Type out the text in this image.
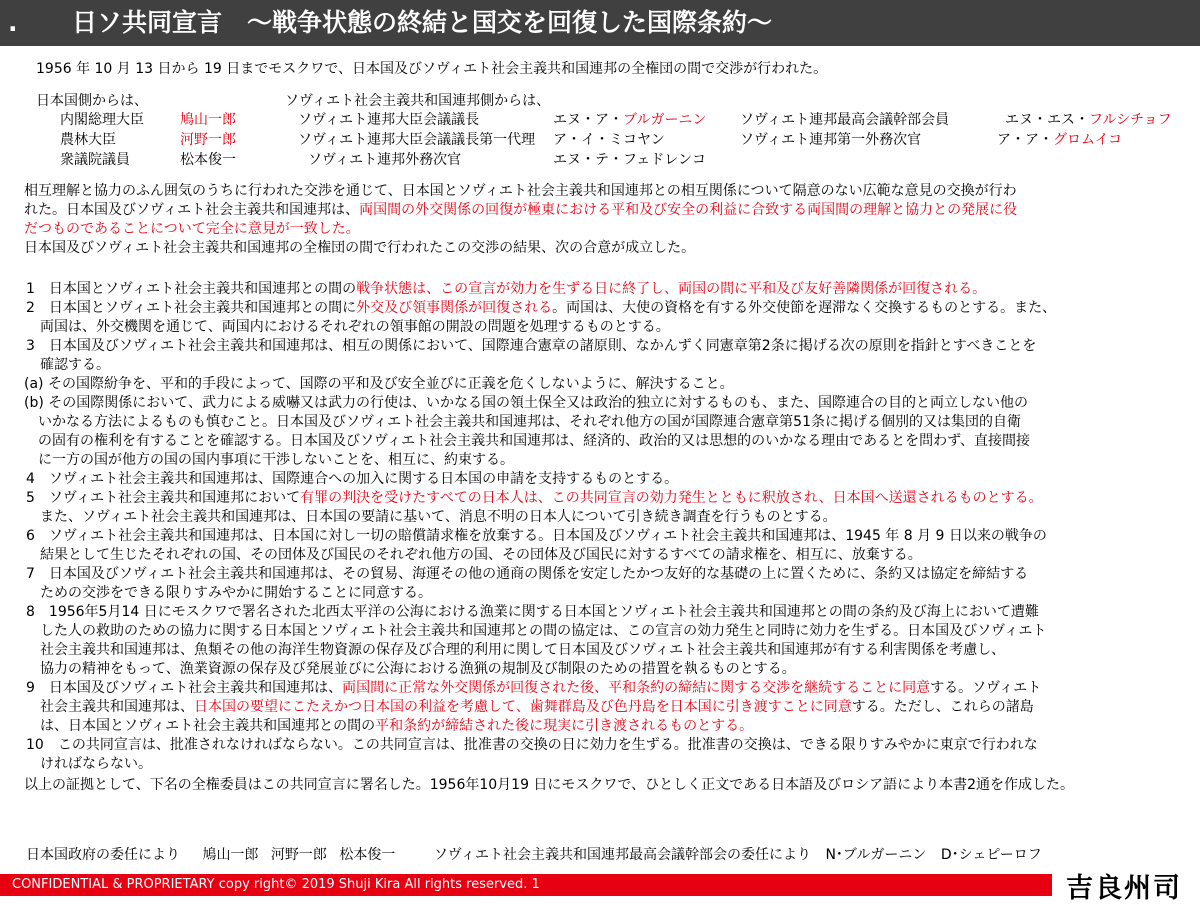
. 日ソ共同宣言　～戦争状態の終結と国交を回復した国際条約～
1956 年 10 月 13 日から 19 日までモスクワで、日本国及びソヴィエト社会主義共和国連邦の全権団の間で交渉が行われた。
日本国側からは、
内閣総理大臣	鳩山一郎
農林大臣	河野一郎
衆議院議員	松本俊一
ソヴィエト社会主義共和国連邦側からは、
ソヴィエト連邦大臣会議議長	エヌ・ア・ブルガーニン
ソヴィエト連邦大臣会議議長第一代理 ア・イ・ミコヤン
ソヴィエト連邦外務次官	エヌ・テ・フェドレンコ
ソヴィエト連邦最高会議幹部会員	エヌ・エス・フルシチョフ
ソヴィエト連邦第一外務次官	ア・ア・グロムイコ
相互理解と協力のふん囲気のうちに行われた交渉を通じて、日本国とソヴィエト社会主義共和国連邦との相互関係について隔意のない広範な意見の交換が行わ
れた。日本国及びソヴィエト社会主義共和国連邦は、両国間の外交関係の回復が極東における平和及び安全の利益に合致する両国間の理解と協力との発展に役
だつものであることについて完全に意見が一致した。
日本国及びソヴィエト社会主義共和国連邦の全権団の間で行われたこの交渉の結果、次の合意が成立した。
1　日本国とソヴィエト社会主義共和国連邦との間の戦争状態は、この宣言が効力を生ずる日に終了し、両国の間に平和及び友好善隣関係が回復される。
2　日本国とソヴィエト社会主義共和国連邦との間に外交及び領事関係が回復される。両国は、大使の資格を有する外交使節を遅滞なく交換するものとする。また、
　両国は、外交機関を通じて、両国内におけるそれぞれの領事館の開設の問題を処理するものとする。
3　日本国及びソヴィエト社会主義共和国連邦は、相互の関係において、国際連合憲章の諸原則、なかんずく同憲章第2条に掲げる次の原則を指針とすべきことを
　確認する。
(a) その国際紛争を、平和的手段によって、国際の平和及び安全並びに正義を危くしないように、解決すること。
(b) その国際関係において、武力による威嚇又は武力の行使は、いかなる国の領土保全又は政治的独立に対するものも、また、国際連合の目的と両立しない他の
　いかなる方法によるものも慎むこと。日本国及びソヴィエト社会主義共和国連邦は、それぞれ他方の国が国際連合憲章第51条に掲げる個別的又は集団的自衛
　の固有の権利を有することを確認する。日本国及びソヴィエト社会主義共和国連邦は、経済的、政治的又は思想的のいかなる理由であるとを問わず、直接間接
　に一方の国が他方の国の国内事項に干渉しないことを、相互に、約束する。
4　ソヴィエト社会主義共和国連邦は、国際連合への加入に関する日本国の申請を支持するものとする。
5　ソヴィエト社会主義共和国連邦において有罪の判決を受けたすべての日本人は、この共同宣言の効力発生とともに釈放され、日本国へ送還されるものとする。
　また、ソヴィエト社会主義共和国連邦は、日本国の要請に基いて、消息不明の日本人について引き続き調査を行うものとする。
6　ソヴィエト社会主義共和国連邦は、日本国に対し一切の賠償請求権を放棄する。日本国及びソヴィエト社会主義共和国連邦は、1945 年 8 月 9 日以来の戦争の
　結果として生じたそれぞれの国、その団体及び国民のそれぞれ他方の国、その団体及び国民に対するすべての請求権を、相互に、放棄する。
7　日本国及びソヴィエト社会主義共和国連邦は、その貿易、海運その他の通商の関係を安定したかつ友好的な基礎の上に置くために、条約又は協定を締結する
　ための交渉をできる限りすみやかに開始することに同意する。
8　1956年5月14 日にモスクワで署名された北西太平洋の公海における漁業に関する日本国とソヴィエト社会主義共和国連邦との間の条約及び海上において遭難
　した人の救助のための協力に関する日本国とソヴィエト社会主義共和国連邦との間の協定は、この宣言の効力発生と同時に効力を生ずる。日本国及びソヴィエト
　社会主義共和国連邦は、魚類その他の海洋生物資源の保存及び合理的利用に関して日本国及びソヴィエト社会主義共和国連邦が有する利害関係を考慮し、
　協力の精神をもって、漁業資源の保存及び発展並びに公海における漁猟の規制及び制限のための措置を執るものとする。
9　日本国及びソヴィエト社会主義共和国連邦は、両国間に正常な外交関係が回復された後、平和条約の締結に関する交渉を継続することに同意する。ソヴィエト
　社会主義共和国連邦は、日本国の要望にこたえかつ日本国の利益を考慮して、歯舞群島及び色丹島を日本国に引き渡すことに同意する。ただし、これらの諸島
　は、日本国とソヴィエト社会主義共和国連邦との間の平和条約が締結された後に現実に引き渡されるものとする。
10　この共同宣言は、批准されなければならない。この共同宣言は、批准書の交換の日に効力を生ずる。批准書の交換は、できる限りすみやかに東京で行われな
　ければならない。
以上の証拠として、下名の全権委員はこの共同宣言に署名した。1956年10月19 日にモスクワで、ひとしく正文である日本語及びロシア語により本書2通を作成した。
日本国政府の委任により 鳩山一郎 河野一郎 松本俊一	ソヴィエト社会主義共和国連邦最高会議幹部会の委任により N･ブルガーニン D･シェピーロフ
CONFIDENTIAL & PROPRIETARY copy right© 2019 Shuji Kira All rights reserved. 1	吉良州司
